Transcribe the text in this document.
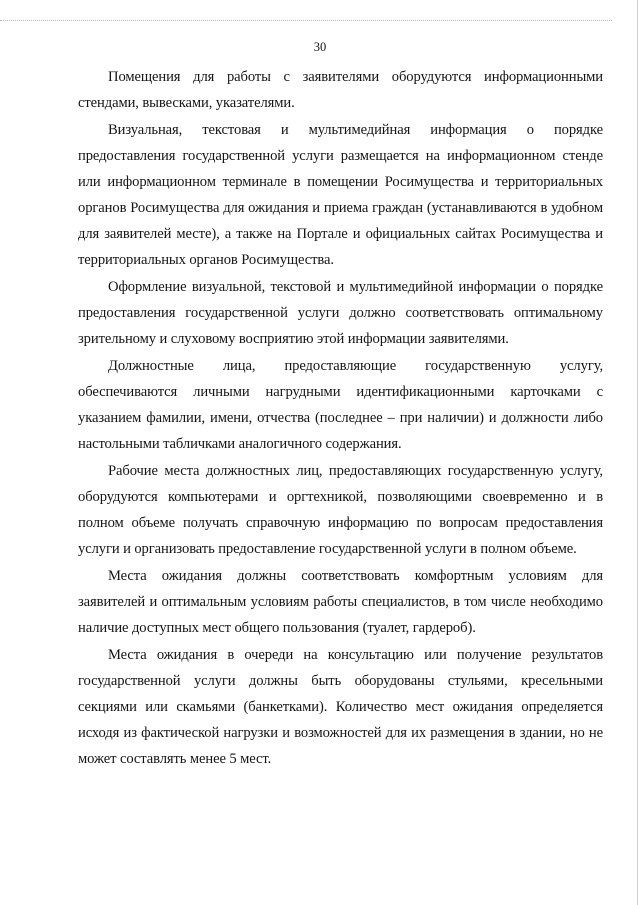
30

Помещения для работы с заявителями оборудуются информационными стендами, вывесками, указателями.

Визуальная, текстовая и мультимедийная информация о порядке предоставления государственной услуги размещается на информационном стенде или информационном терминале в помещении Росимущества и территориальных органов Росимущества для ожидания и приема граждан (устанавливаются в удобном для заявителей месте), а также на Портале и официальных сайтах Росимущества и территориальных органов Росимущества.

Оформление визуальной, текстовой и мультимедийной информации о порядке предоставления государственной услуги должно соответствовать оптимальному зрительному и слуховому восприятию этой информации заявителями.

Должностные лица, предоставляющие государственную услугу, обеспечиваются личными нагрудными идентификационными карточками с указанием фамилии, имени, отчества (последнее – при наличии) и должности либо настольными табличками аналогичного содержания.

Рабочие места должностных лиц, предоставляющих государственную услугу, оборудуются компьютерами и оргтехникой, позволяющими своевременно и в полном объеме получать справочную информацию по вопросам предоставления услуги и организовать предоставление государственной услуги в полном объеме.

Места ожидания должны соответствовать комфортным условиям для заявителей и оптимальным условиям работы специалистов, в том числе необходимо наличие доступных мест общего пользования (туалет, гардероб).

Места ожидания в очереди на консультацию или получение результатов государственной услуги должны быть оборудованы стульями, кресельными секциями или скамьями (банкетками). Количество мест ожидания определяется исходя из фактической нагрузки и возможностей для их размещения в здании, но не может составлять менее 5 мест.
